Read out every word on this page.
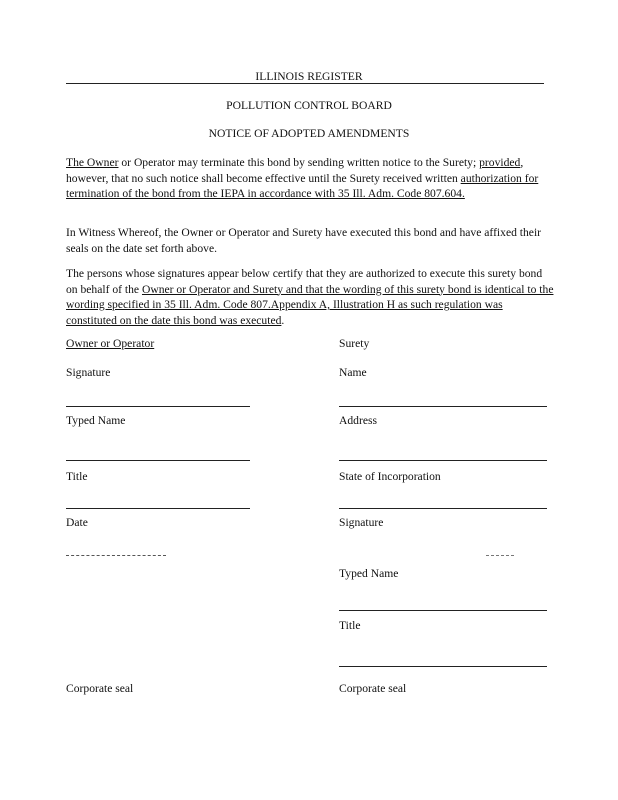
ILLINOIS REGISTER
POLLUTION CONTROL BOARD
NOTICE OF ADOPTED AMENDMENTS
The Owner or Operator may terminate this bond by sending written notice to the Surety; provided, however, that no such notice shall become effective until the Surety received written authorization for termination of the bond from the IEPA in accordance with 35 Ill. Adm. Code 807.604.
In Witness Whereof, the Owner or Operator and Surety have executed this bond and have affixed their seals on the date set forth above.
The persons whose signatures appear below certify that they are authorized to execute this surety bond on behalf of the Owner or Operator and Surety and that the wording of this surety bond is identical to the wording specified in 35 Ill. Adm. Code 807.Appendix A, Illustration H as such regulation was constituted on the date this bond was executed.
Owner or Operator
Signature
Typed Name
Title
Date
Corporate seal
Surety
Name
Address
State of Incorporation
Signature
Typed Name
Title
Corporate seal
